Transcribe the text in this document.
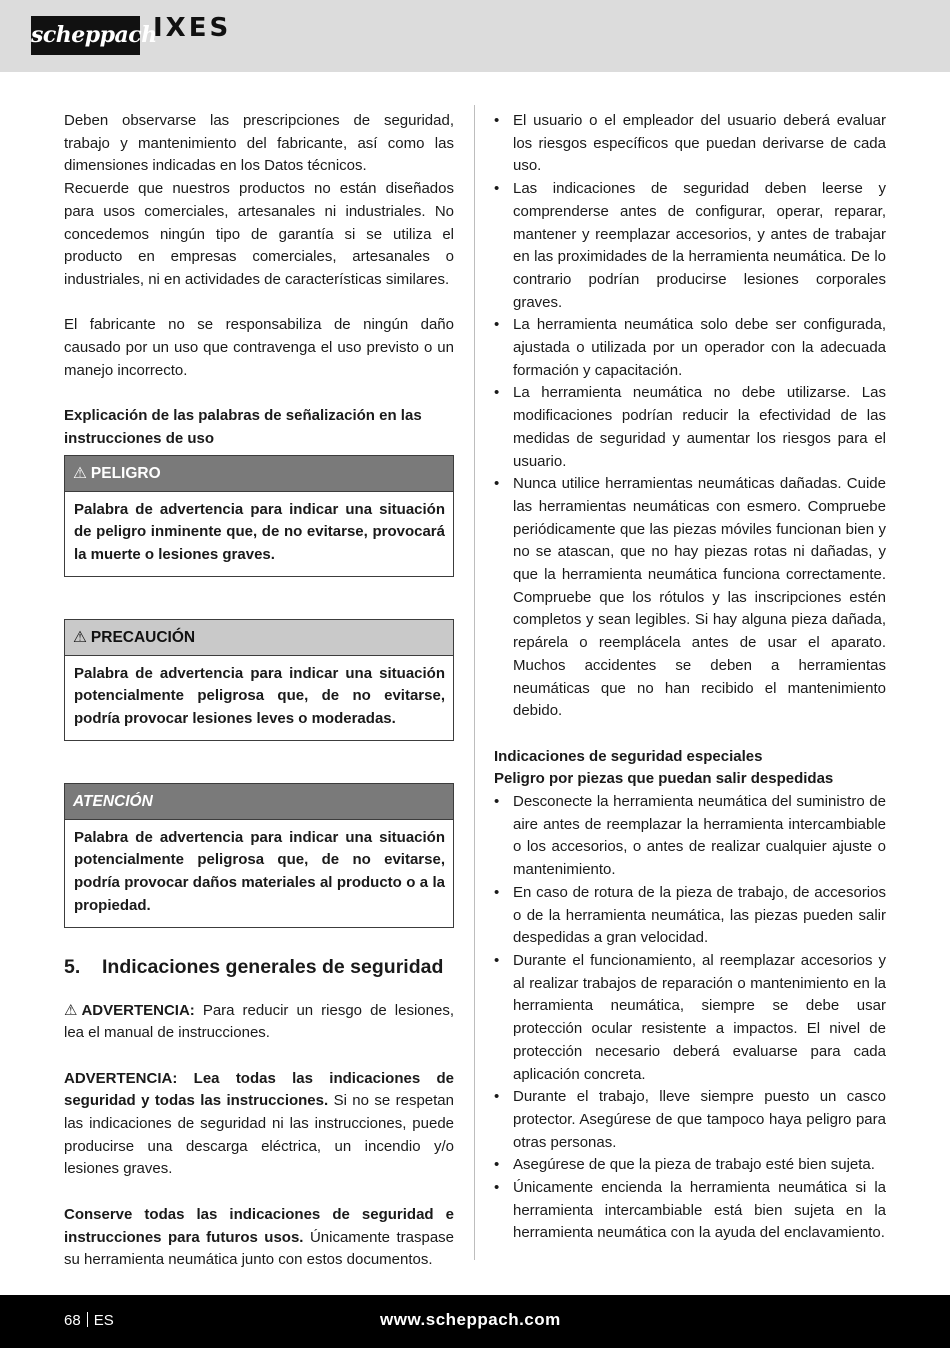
scheppach
IXES

Deben observarse las prescripciones de seguridad, trabajo y mantenimiento del fabricante, así como las dimensiones indicadas en los Datos técnicos.

Recuerde que nuestros productos no están diseñados para usos comerciales, artesanales ni industriales. No concedemos ningún tipo de garantía si se utiliza el producto en empresas comerciales, artesanales o industriales, ni en actividades de características similares.

El fabricante no se responsabiliza de ningún daño causado por un uso que contravenga el uso previsto o un manejo incorrecto.

Explicación de las palabras de señalización en las instrucciones de uso

⚠ PELIGRO
Palabra de advertencia para indicar una situación de peligro inminente que, de no evitarse, provocará la muerte o lesiones graves.
⚠ PRECAUCIÓN
Palabra de advertencia para indicar una situación potencialmente peligrosa que, de no evitarse, podría provocar lesiones leves o moderadas.
ATENCIÓN
Palabra de advertencia para indicar una situación potencialmente peligrosa que, de no evitarse, podría provocar daños materiales al producto o a la propiedad.
5. Indicaciones generales de seguridad

⚠ ADVERTENCIA: Para reducir un riesgo de lesiones, lea el manual de instrucciones.

ADVERTENCIA: Lea todas las indicaciones de seguridad y todas las instrucciones. Si no se respetan las indicaciones de seguridad ni las instrucciones, puede producirse una descarga eléctrica, un incendio y/o lesiones graves.

Conserve todas las indicaciones de seguridad e instrucciones para futuros usos. Únicamente traspase su herramienta neumática junto con estos documentos.

• El usuario o el empleador del usuario deberá evaluar los riesgos específicos que puedan derivarse de cada uso.
• Las indicaciones de seguridad deben leerse y comprenderse antes de configurar, operar, reparar, mantener y reemplazar accesorios, y antes de trabajar en las proximidades de la herramienta neumática. De lo contrario podrían producirse lesiones corporales graves.
• La herramienta neumática solo debe ser configurada, ajustada o utilizada por un operador con la adecuada formación y capacitación.
• La herramienta neumática no debe utilizarse. Las modificaciones podrían reducir la efectividad de las medidas de seguridad y aumentar los riesgos para el usuario.
• Nunca utilice herramientas neumáticas dañadas. Cuide las herramientas neumáticas con esmero. Compruebe periódicamente que las piezas móviles funcionan bien y no se atascan, que no hay piezas rotas ni dañadas, y que la herramienta neumática funciona correctamente. Compruebe que los rótulos y las inscripciones estén completos y sean legibles. Si hay alguna pieza dañada, repárela o reemplácela antes de usar el aparato. Muchos accidentes se deben a herramientas neumáticas que no han recibido el mantenimiento debido.

Indicaciones de seguridad especiales

Peligro por piezas que puedan salir despedidas

• Desconecte la herramienta neumática del suministro de aire antes de reemplazar la herramienta intercambiable o los accesorios, o antes de realizar cualquier ajuste o mantenimiento.
• En caso de rotura de la pieza de trabajo, de accesorios o de la herramienta neumática, las piezas pueden salir despedidas a gran velocidad.
• Durante el funcionamiento, al reemplazar accesorios y al realizar trabajos de reparación o mantenimiento en la herramienta neumática, siempre se debe usar protección ocular resistente a impactos. El nivel de protección necesario deberá evaluarse para cada aplicación concreta.
• Durante el trabajo, lleve siempre puesto un casco protector. Asegúrese de que tampoco haya peligro para otras personas.
• Asegúrese de que la pieza de trabajo esté bien sujeta.
• Únicamente encienda la herramienta neumática si la herramienta intercambiable está bien sujeta en la herramienta neumática con la ayuda del enclavamiento.
68 ES	www.scheppach.com
